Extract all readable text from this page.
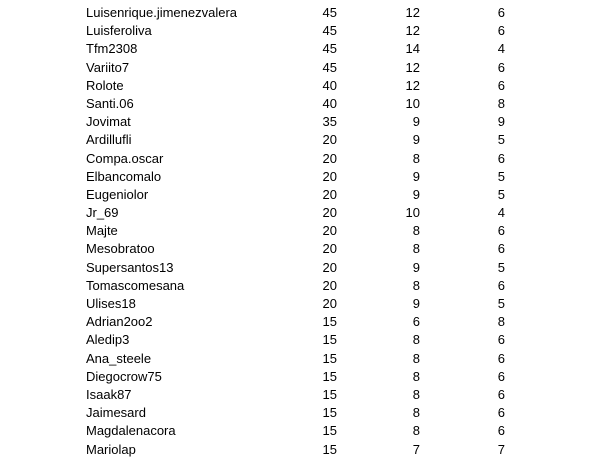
Luisenrique.jimenezvalera	45	12	6
Luisferoliva	45	12	6
Tfm2308	45	14	4
Variito7	45	12	6
Rolote	40	12	6
Santi.06	40	10	8
Jovimat	35	9	9
Ardillufli	20	9	5
Compa.oscar	20	8	6
Elbancomalo	20	9	5
Eugeniolor	20	9	5
Jr_69	20	10	4
Majte	20	8	6
Mesobratoo	20	8	6
Supersantos13	20	9	5
Tomascomesana	20	8	6
Ulises18	20	9	5
Adrian2oo2	15	6	8
Aledip3	15	8	6
Ana_steele	15	8	6
Diegocrow75	15	8	6
Isaak87	15	8	6
Jaimesard	15	8	6
Magdalenacora	15	8	6
Mariolap	15	7	7
